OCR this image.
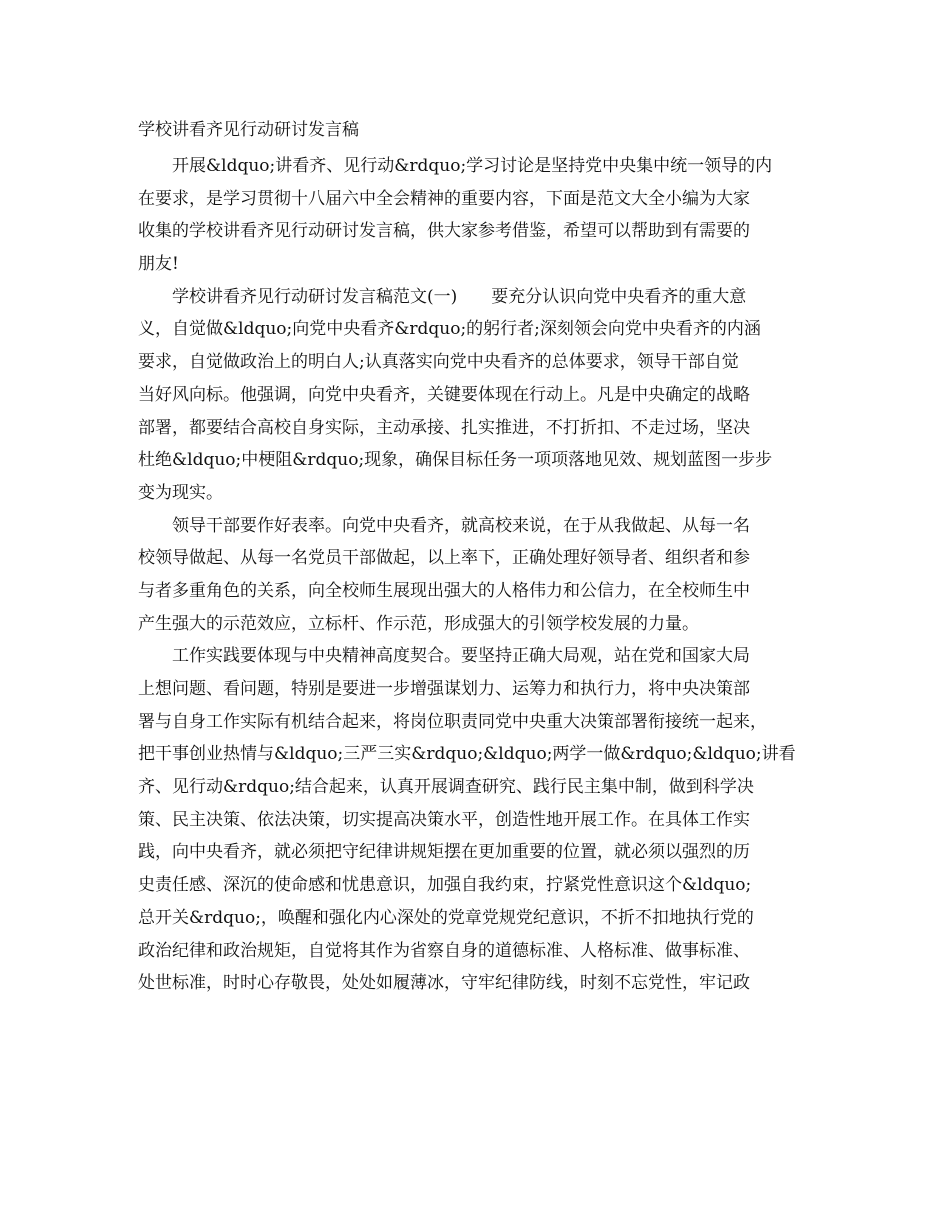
学校讲看齐见行动研讨发言稿
开展&ldquo;讲看齐、见行动&rdquo;学习讨论是坚持党中央集中统一领导的内
在要求，是学习贯彻十八届六中全会精神的重要内容，下面是范文大全小编为大家
收集的学校讲看齐见行动研讨发言稿，供大家参考借鉴，希望可以帮助到有需要的
朋友!
学校讲看齐见行动研讨发言稿范文(一)　　要充分认识向党中央看齐的重大意
义，自觉做&ldquo;向党中央看齐&rdquo;的躬行者;深刻领会向党中央看齐的内涵
要求，自觉做政治上的明白人;认真落实向党中央看齐的总体要求，领导干部自觉
当好风向标。他强调，向党中央看齐，关键要体现在行动上。凡是中央确定的战略
部署，都要结合高校自身实际，主动承接、扎实推进，不打折扣、不走过场，坚决
杜绝&ldquo;中梗阻&rdquo;现象，确保目标任务一项项落地见效、规划蓝图一步步
变为现实。
领导干部要作好表率。向党中央看齐，就高校来说，在于从我做起、从每一名
校领导做起、从每一名党员干部做起，以上率下，正确处理好领导者、组织者和参
与者多重角色的关系，向全校师生展现出强大的人格伟力和公信力，在全校师生中
产生强大的示范效应，立标杆、作示范，形成强大的引领学校发展的力量。
工作实践要体现与中央精神高度契合。要坚持正确大局观，站在党和国家大局
上想问题、看问题，特别是要进一步增强谋划力、运筹力和执行力，将中央决策部
署与自身工作实际有机结合起来，将岗位职责同党中央重大决策部署衔接统一起来，
把干事创业热情与&ldquo;三严三实&rdquo;&ldquo;两学一做&rdquo;&ldquo;讲看
齐、见行动&rdquo;结合起来，认真开展调查研究、践行民主集中制，做到科学决
策、民主决策、依法决策，切实提高决策水平，创造性地开展工作。在具体工作实
践，向中央看齐，就必须把守纪律讲规矩摆在更加重要的位置，就必须以强烈的历
史责任感、深沉的使命感和忧患意识，加强自我约束，拧紧党性意识这个&ldquo;
总开关&rdquo;，唤醒和强化内心深处的党章党规党纪意识，不折不扣地执行党的
政治纪律和政治规矩，自觉将其作为省察自身的道德标准、人格标准、做事标准、
处世标准，时时心存敬畏，处处如履薄冰，守牢纪律防线，时刻不忘党性，牢记政
